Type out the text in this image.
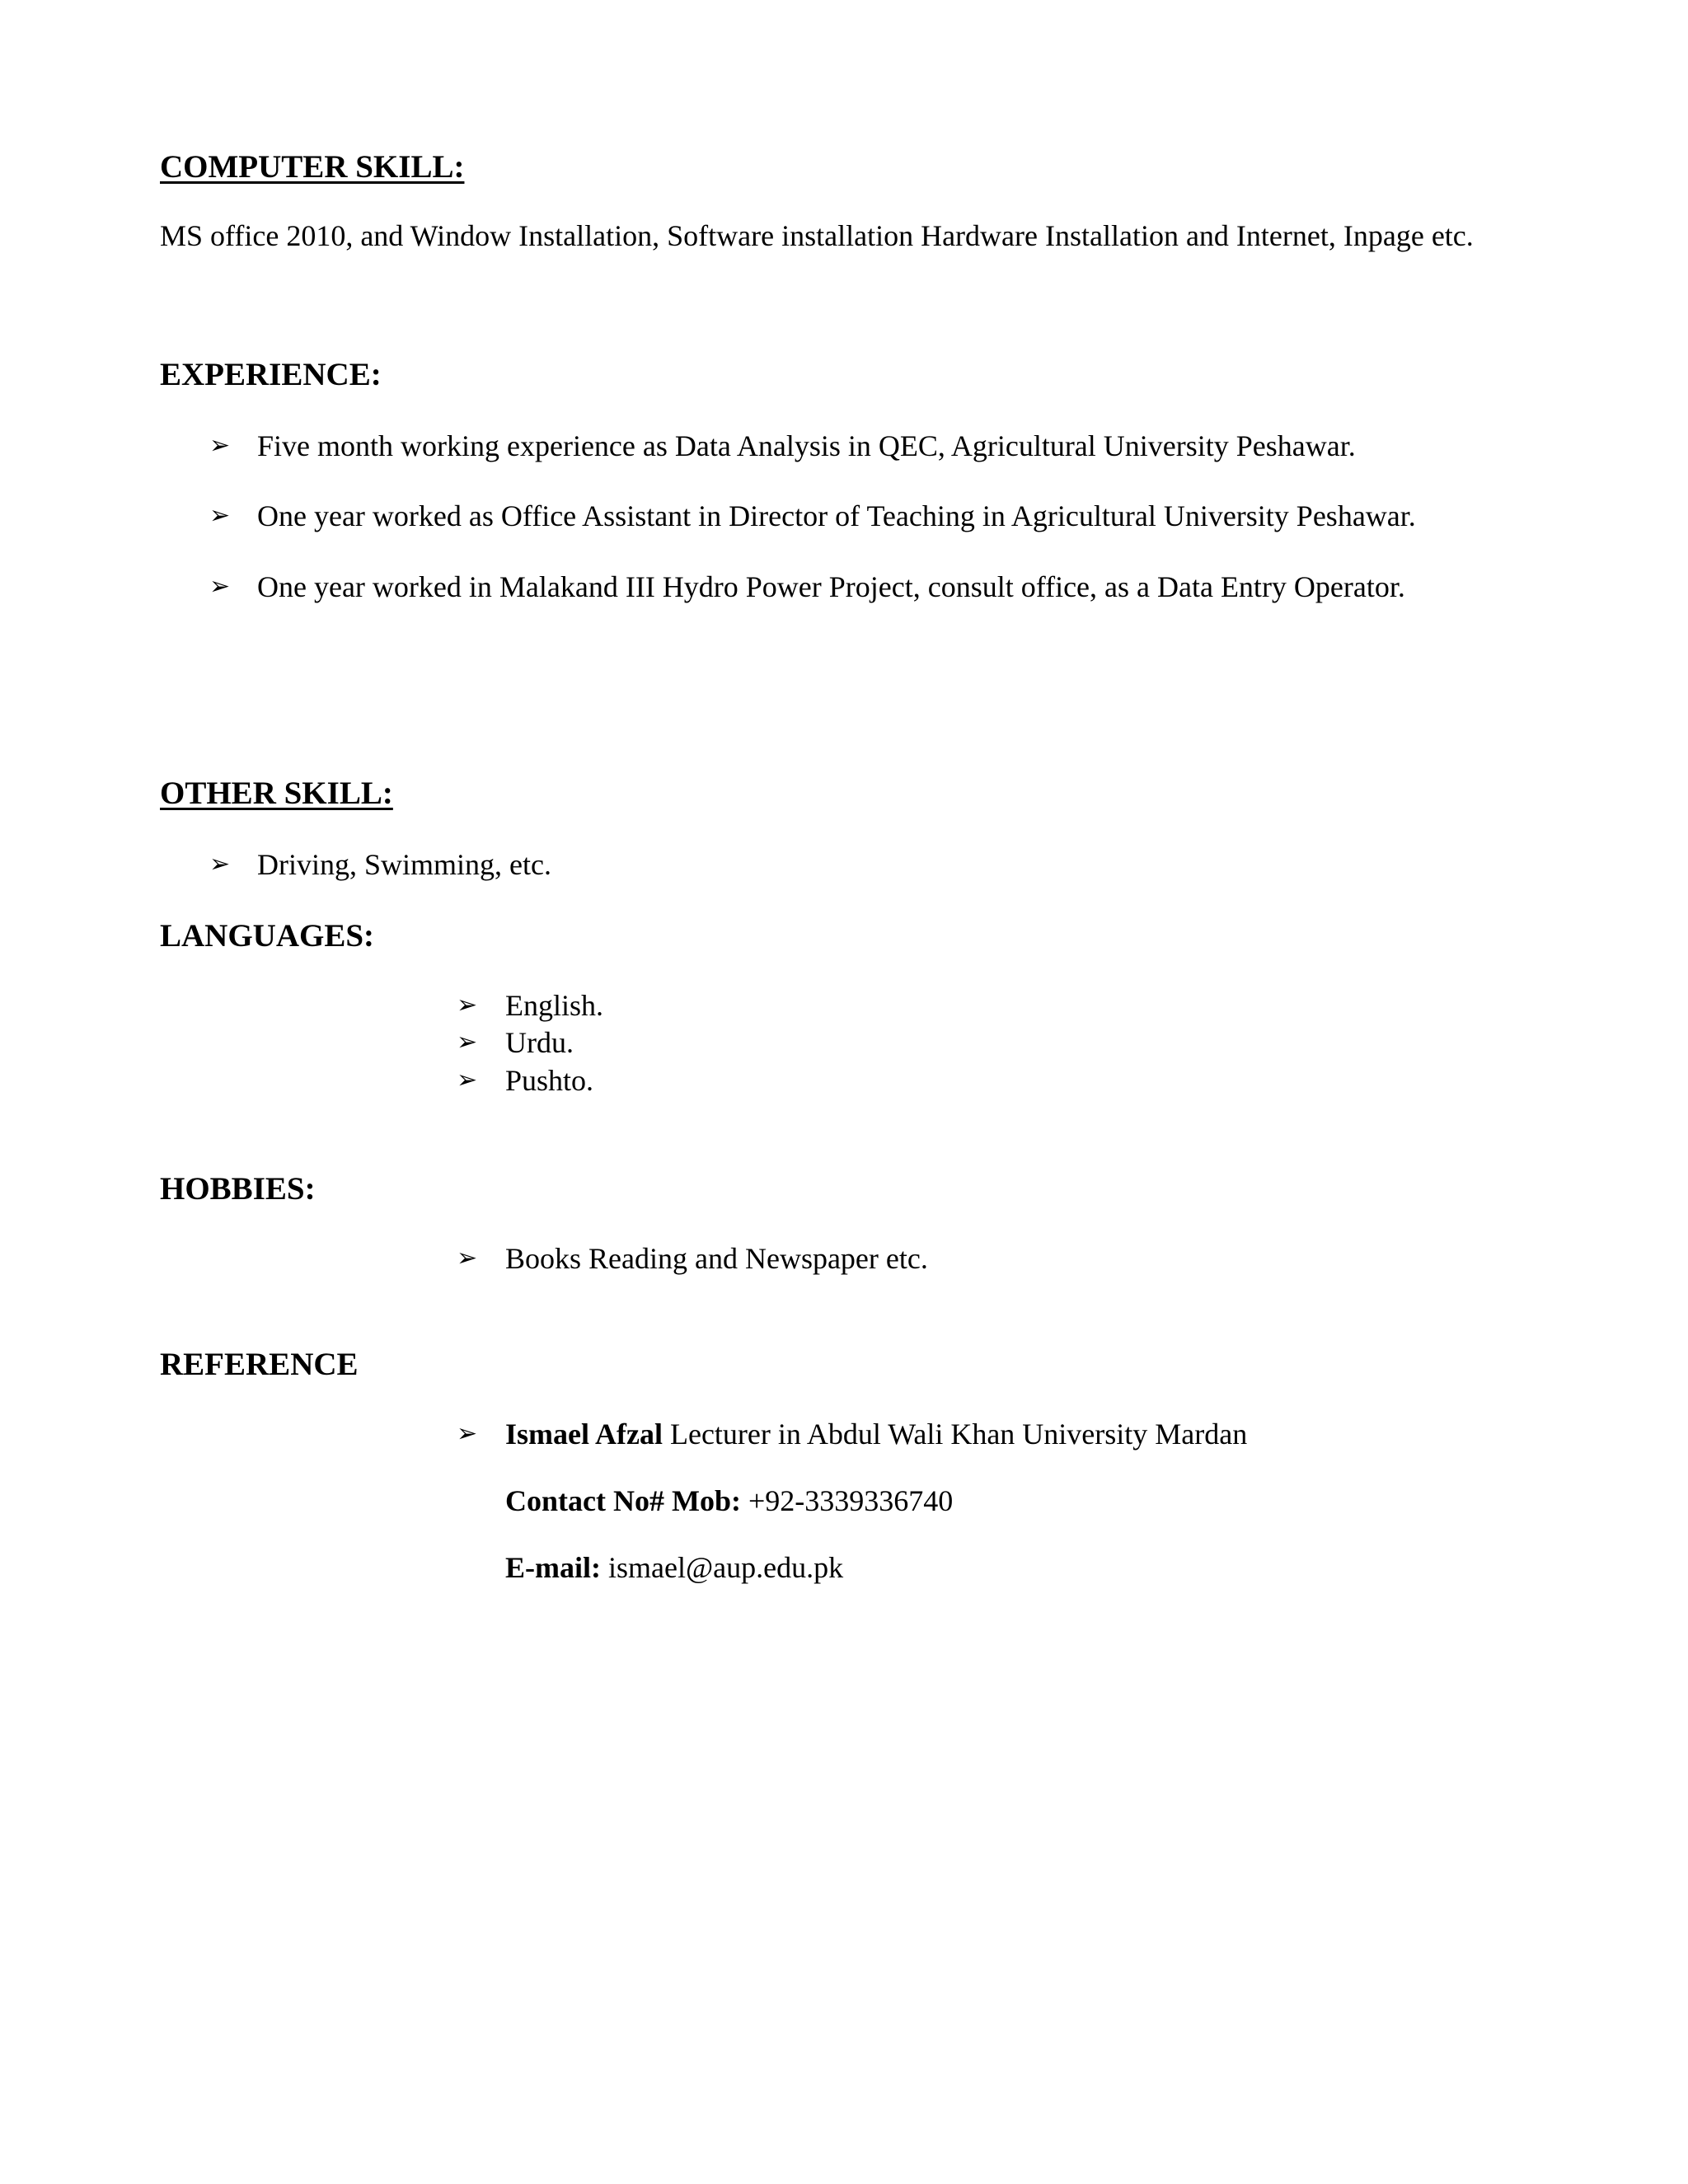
COMPUTER SKILL:
MS office 2010, and Window Installation, Software installation Hardware Installation and Internet, Inpage etc.
EXPERIENCE:
➢ Five month working experience as Data Analysis in QEC, Agricultural University Peshawar.
➢ One year worked as Office Assistant in Director of Teaching in Agricultural University Peshawar.
➢ One year worked in Malakand III Hydro Power Project, consult office, as a Data Entry Operator.
OTHER SKILL:
➢ Driving, Swimming, etc.
LANGUAGES:
➢ English.
➢ Urdu.
➢ Pushto.
HOBBIES:
➢ Books Reading and Newspaper etc.
REFERENCE
➢ Ismael Afzal Lecturer in Abdul Wali Khan University Mardan
Contact No# Mob: +92-3339336740
E-mail: ismael@aup.edu.pk
